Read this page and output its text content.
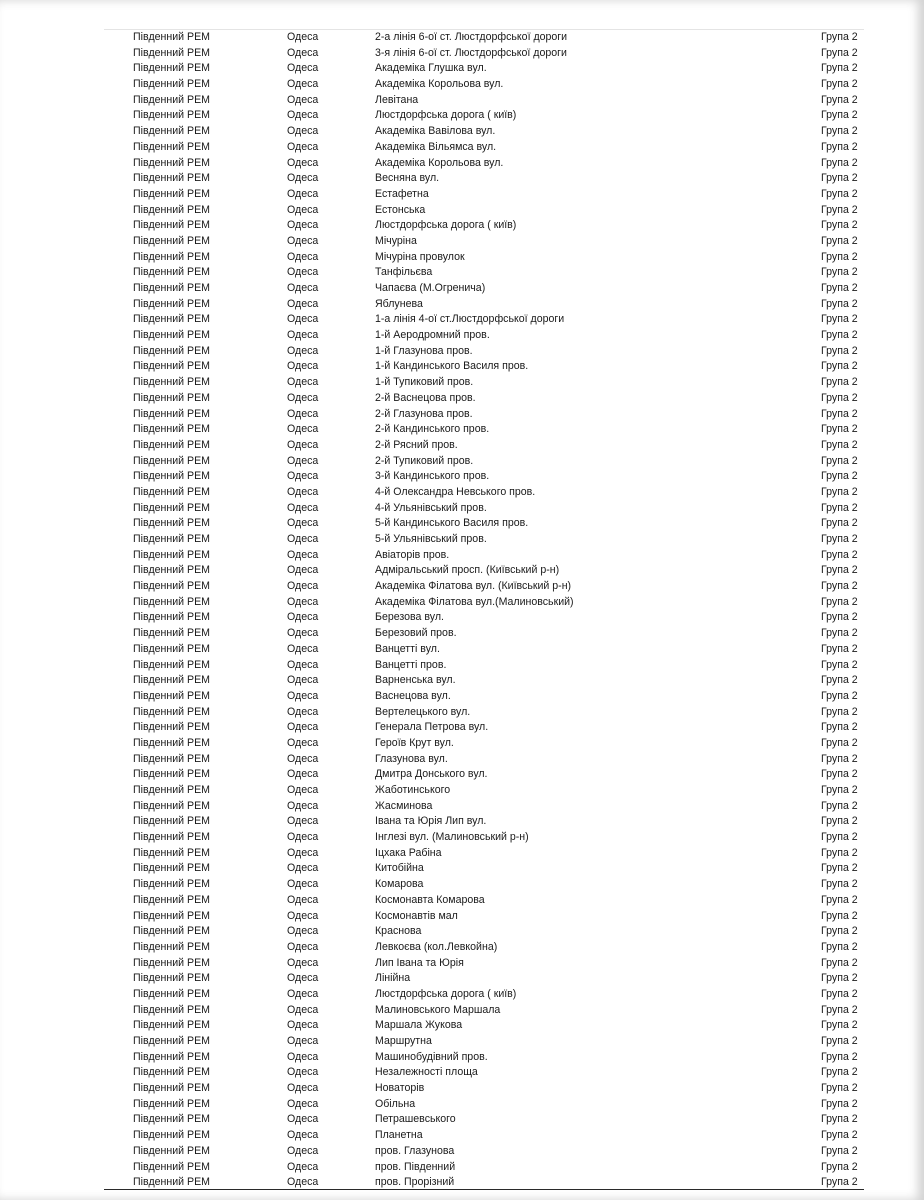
Південний РЕМ	Одеса	2-а лінія 6-ої ст. Люстдорфської дороги	Група 2
Південний РЕМ	Одеса	3-я лінія 6-ої ст. Люстдорфської дороги	Група 2
Південний РЕМ	Одеса	Академіка Глушка вул.	Група 2
Південний РЕМ	Одеса	Академіка Корольова вул.	Група 2
Південний РЕМ	Одеса	Левітана	Група 2
Південний РЕМ	Одеса	Люстдорфська дорога ( київ)	Група 2
Південний РЕМ	Одеса	Академіка Вавілова вул.	Група 2
Південний РЕМ	Одеса	Академіка Вільямса вул.	Група 2
Південний РЕМ	Одеса	Академіка Корольова вул.	Група 2
Південний РЕМ	Одеса	Весняна вул.	Група 2
Південний РЕМ	Одеса	Естафетна	Група 2
Південний РЕМ	Одеса	Естонська	Група 2
Південний РЕМ	Одеса	Люстдорфська дорога ( київ)	Група 2
Південний РЕМ	Одеса	Мічуріна	Група 2
Південний РЕМ	Одеса	Мічуріна провулок	Група 2
Південний РЕМ	Одеса	Танфільєва	Група 2
Південний РЕМ	Одеса	Чапаєва (М.Огренича)	Група 2
Південний РЕМ	Одеса	Яблунева	Група 2
Південний РЕМ	Одеса	1-а лінія 4-ої ст.Люстдорфської дороги	Група 2
Південний РЕМ	Одеса	1-й Аеродромний пров.	Група 2
Південний РЕМ	Одеса	1-й Глазунова пров.	Група 2
Південний РЕМ	Одеса	1-й Кандинського Василя пров.	Група 2
Південний РЕМ	Одеса	1-й Тупиковий пров.	Група 2
Південний РЕМ	Одеса	2-й Васнецова пров.	Група 2
Південний РЕМ	Одеса	2-й Глазунова пров.	Група 2
Південний РЕМ	Одеса	2-й Кандинського пров.	Група 2
Південний РЕМ	Одеса	2-й Рясний пров.	Група 2
Південний РЕМ	Одеса	2-й Тупиковий пров.	Група 2
Південний РЕМ	Одеса	3-й Кандинського пров.	Група 2
Південний РЕМ	Одеса	4-й Олександра Невського пров.	Група 2
Південний РЕМ	Одеса	4-й Ульянівський пров.	Група 2
Південний РЕМ	Одеса	5-й Кандинського Василя пров.	Група 2
Південний РЕМ	Одеса	5-й Ульянівський пров.	Група 2
Південний РЕМ	Одеса	Авіаторів пров.	Група 2
Південний РЕМ	Одеса	Адміральський просп. (Київський р-н)	Група 2
Південний РЕМ	Одеса	Академіка Філатова вул. (Київський р-н)	Група 2
Південний РЕМ	Одеса	Академіка Філатова вул.(Малиновський)	Група 2
Південний РЕМ	Одеса	Березова вул.	Група 2
Південний РЕМ	Одеса	Березовий пров.	Група 2
Південний РЕМ	Одеса	Ванцетті вул.	Група 2
Південний РЕМ	Одеса	Ванцетті пров.	Група 2
Південний РЕМ	Одеса	Варненська вул.	Група 2
Південний РЕМ	Одеса	Васнецова вул.	Група 2
Південний РЕМ	Одеса	Вертелецького вул.	Група 2
Південний РЕМ	Одеса	Генерала Петрова вул.	Група 2
Південний РЕМ	Одеса	Героїв Крут вул.	Група 2
Південний РЕМ	Одеса	Глазунова вул.	Група 2
Південний РЕМ	Одеса	Дмитра Донського вул.	Група 2
Південний РЕМ	Одеса	Жаботинського	Група 2
Південний РЕМ	Одеса	Жасминова	Група 2
Південний РЕМ	Одеса	Івана та Юрія Лип вул.	Група 2
Південний РЕМ	Одеса	Інглезі вул. (Малиновський р-н)	Група 2
Південний РЕМ	Одеса	Іцхака Рабіна	Група 2
Південний РЕМ	Одеса	Китобійна	Група 2
Південний РЕМ	Одеса	Комарова	Група 2
Південний РЕМ	Одеса	Космонавта Комарова	Група 2
Південний РЕМ	Одеса	Космонавтів мал	Група 2
Південний РЕМ	Одеса	Краснова	Група 2
Південний РЕМ	Одеса	Левкоєва (кол.Левкойна)	Група 2
Південний РЕМ	Одеса	Лип Івана та Юрія	Група 2
Південний РЕМ	Одеса	Лінійна	Група 2
Південний РЕМ	Одеса	Люстдорфська дорога ( київ)	Група 2
Південний РЕМ	Одеса	Малиновського Маршала	Група 2
Південний РЕМ	Одеса	Маршала Жукова	Група 2
Південний РЕМ	Одеса	Маршрутна	Група 2
Південний РЕМ	Одеса	Машинобудівний пров.	Група 2
Південний РЕМ	Одеса	Незалежності площа	Група 2
Південний РЕМ	Одеса	Новаторів	Група 2
Південний РЕМ	Одеса	Обільна	Група 2
Південний РЕМ	Одеса	Петрашевського	Група 2
Південний РЕМ	Одеса	Планетна	Група 2
Південний РЕМ	Одеса	пров. Глазунова	Група 2
Південний РЕМ	Одеса	пров. Південний	Група 2
Південний РЕМ	Одеса	пров. Прорізний	Група 2
